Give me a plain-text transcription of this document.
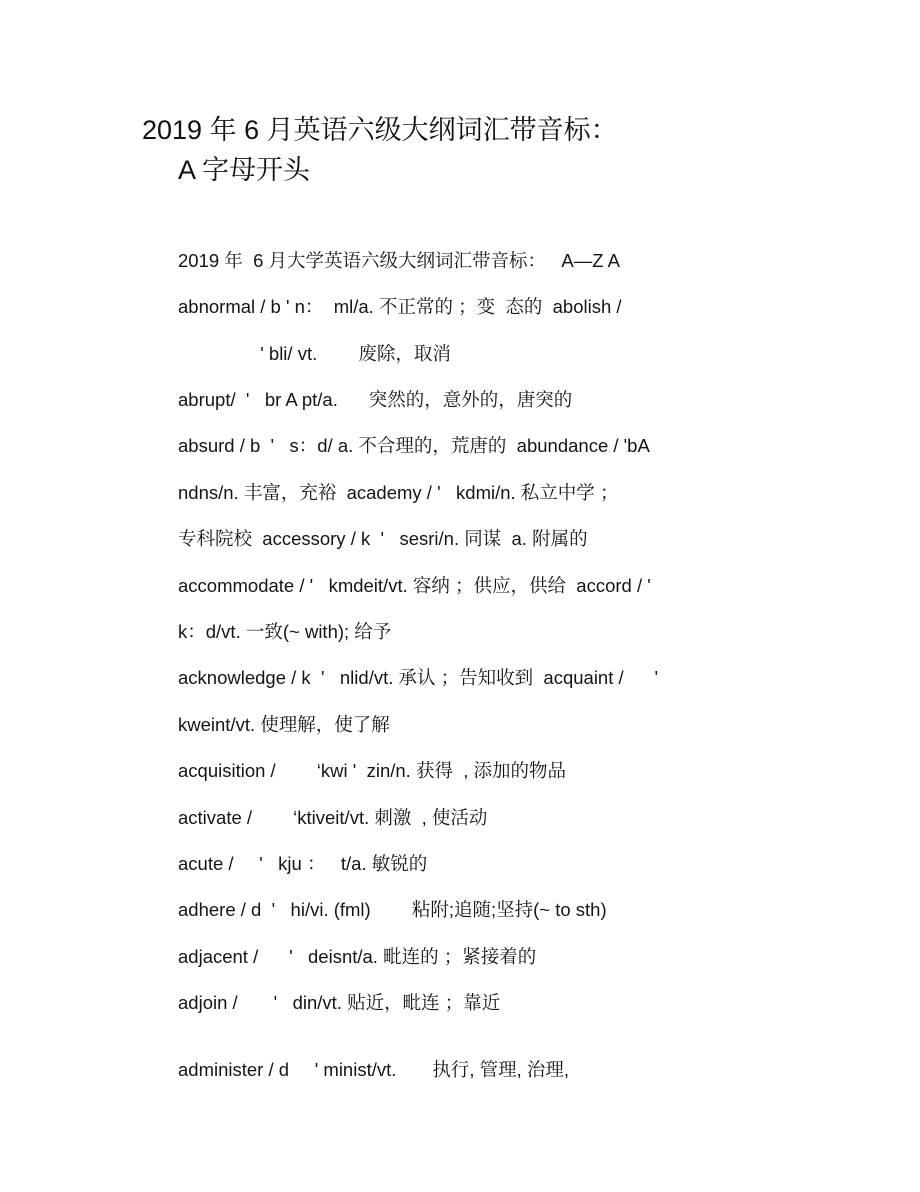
2019 年 6 月英语六级大纲词汇带音标：
A 字母开头
2019 年  6 月大学英语六级大纲词汇带音标：   A—Z A
abnormal / b ' n：  ml/a. 不正常的 ；变  态的  abolish /
' bli/ vt.        废除，取消
abrupt/  '   br A pt/a.      突然的，意外的，唐突的
absurd / b  '   s：d/ a. 不合理的，荒唐的  abundance / 'bA
ndns/n. 丰富，充裕  academy / '   kdmi/n. 私立中学 ；
专科院校  accessory / k  '   sesri/n. 同谋  a. 附属的
accommodate / '   kmdeit/vt. 容纳 ；供应，供给  accord / '
k：d/vt. 一致(~ with); 给予
acknowledge / k  '   nlid/vt. 承认 ；告知收到  acquaint /      '
kweint/vt. 使理解，使了解
acquisition /        ‘kwi '  zin/n. 获得  , 添加的物品
activate /        ‘ktiveit/vt. 刺激  , 使活动
acute /     '   kju ：   t/a. 敏锐的
adhere / d  '   hi/vi. (fml)        粘附;追随;坚持(~ to sth)
adjacent /      '   deisnt/a. 毗连的 ；紧接着的
adjoin /       '   din/vt. 贴近，毗连 ；靠近
administer / d     ' minist/vt.       执行, 管理, 治理,
